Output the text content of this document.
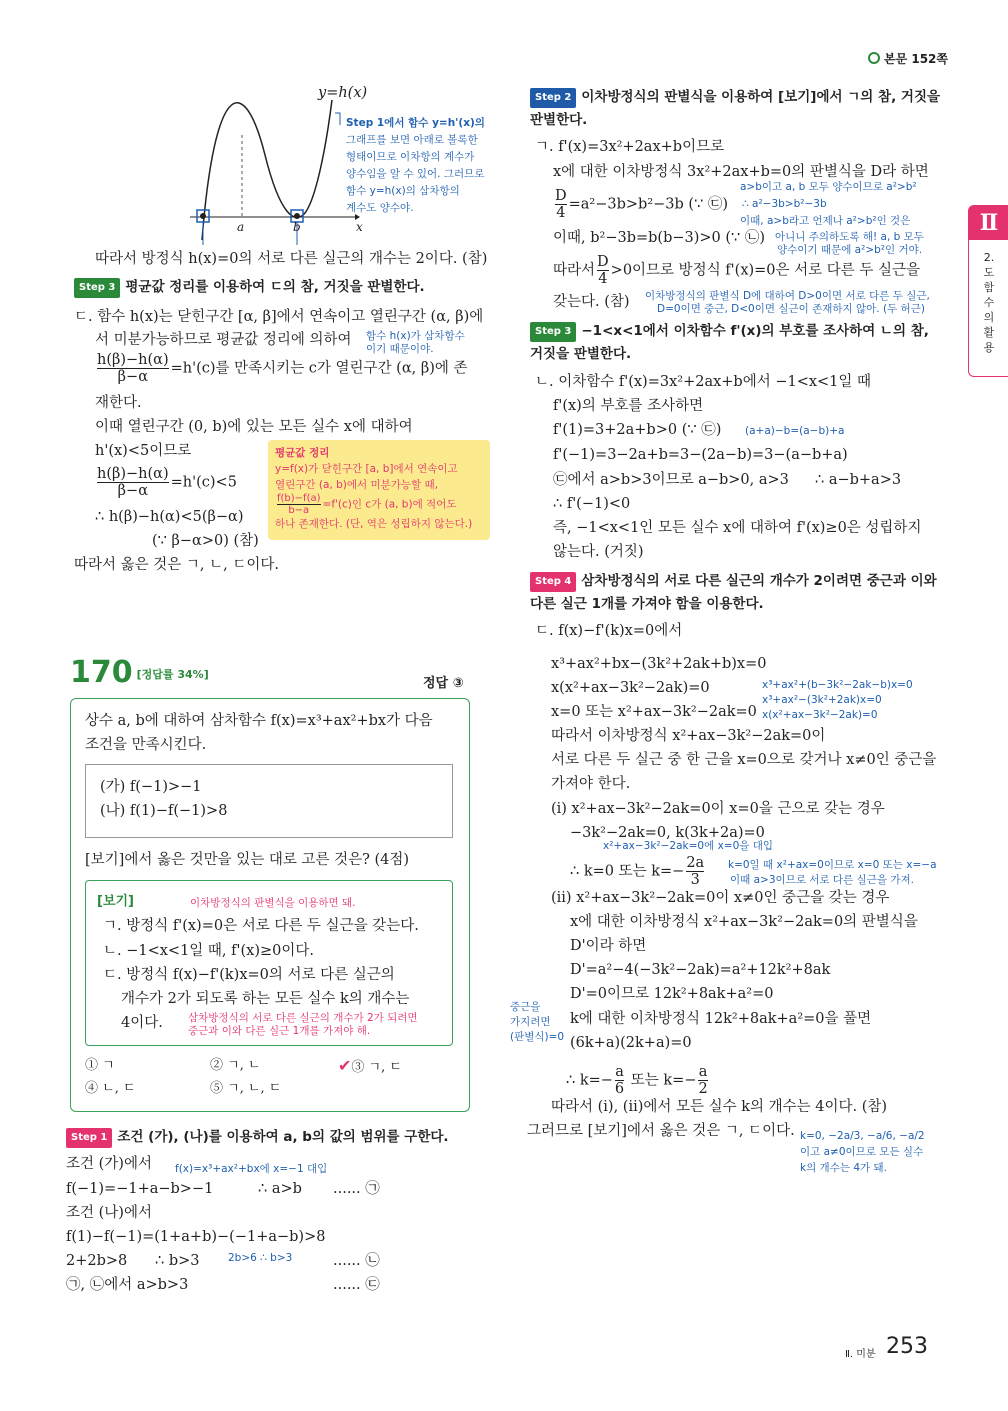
본문 152쪽
y=h(x)
a	b	x
Step 1에서 함수 y=h'(x)의
그래프를 보면 아래로 볼록한
형태이므로 이차항의 계수가
양수임을 알 수 있어. 그러므로
함수 y=h(x)의 삼차항의
계수도 양수야.
따라서 방정식 h(x)=0의 서로 다른 실근의 개수는 2이다. (참)
Step 3 평균값 정리를 이용하여 ㄷ의 참, 거짓을 판별한다.
ㄷ. 함수 h(x)는 닫힌구간 [α, β]에서 연속이고 열린구간 (α, β)에
서 미분가능하므로 평균값 정리에 의하여 함수 h(x)가 삼차함수
이기 때문이야.
$\frac{h(\beta)-h(\alpha)}{\beta-\alpha} =h'(c)$를 만족시키는 c가 열린구간 (α, β)에 존
재한다.
이때 열린구간 (0, b)에 있는 모든 실수 x에 대하여
h'(x)<5이므로
$\frac{h(\beta)-h(\alpha)}{\beta-\alpha} =h'(c)<5$
∴ h(β)−h(α)<5(β−α)
(∵ β−α>0) (참)
따라서 옳은 것은 ㄱ, ㄴ, ㄷ이다.
평균값 정리
y=f(x)가 닫힌구간 [a, b]에서 연속이고
열린구간 (a, b)에서 미분가능할 때,
$\frac{f(b)-f(a)}{b-a} =f'(c)$인 c가 (a, b)에 적어도
하나 존재한다. (단, 역은 성립하지 않는다.)
170 [정답률 34%]
정답 ③
상수 a, b에 대하여 삼차함수 f(x)=x³+ax²+bx가 다음
조건을 만족시킨다.
(가) f(−1)>−1
(나) f(1)−f(−1)>8
[보기]에서 옳은 것만을 있는 대로 고른 것은? (4점)
[보기]	이차방정식의 판별식을 이용하면 돼.
ㄱ. 방정식 f'(x)=0은 서로 다른 두 실근을 갖는다.
ㄴ. −1<x<1일 때, f'(x)≥0이다.
ㄷ. 방정식 f(x)−f'(k)x=0의 서로 다른 실근의
개수가 2가 되도록 하는 모든 실수 k의 개수는
4이다. 삼차방정식의 서로 다른 실근의 개수가 2가 되려면
중근과 이와 다른 실근 1개를 가져야 해.
① ㄱ	② ㄱ, ㄴ	✔③ ㄱ, ㄷ
④ ㄴ, ㄷ	⑤ ㄱ, ㄴ, ㄷ
Step 1 조건 (가), (나)를 이용하여 a, b의 값의 범위를 구한다.
조건 (가)에서 f(x)=x³+ax²+bx에 x=−1 대입
f(−1)=−1+a−b>−1	∴ a>b ...... ㉠
조건 (나)에서
f(1)−f(−1)=(1+a+b)−(−1+a−b)>8
2+2b>8 ∴ b>3	2b>6 ∴ b>3	...... ㉡
㉠, ㉡에서 a>b>3	...... ㉢
Step 2 이차방정식의 판별식을 이용하여 [보기]에서 ㄱ의 참, 거짓을
판별한다.
ㄱ. f'(x)=3x²+2ax+b이므로
x에 대한 이차방정식 3x²+2ax+b=0의 판별식을 D라 하면
a>b이고 a, b 모두 양수이므로 a²>b²
$\frac{D}{4} =a^2-3b>b^2-3b$ (∵ ㉢) ∴ a²−3b>b²−3b
이때, a>b라고 언제나 a²>b²인 것은
이때, b²−3b=b(b−3)>0 (∵ ㉡) 아니니 주의하도록 해! a, b 모두
양수이기 때문에 a²>b²인 거야.
따라서 $\frac{D}{4} >0$이므로 방정식 f'(x)=0은 서로 다른 두 실근을
갖는다. (참) 이차방정식의 판별식 D에 대하여 D>0이면 서로 다른 두 실근,
D=0이면 중근, D<0이면 실근이 존재하지 않아. (두 허근)
Step 3 −1<x<1에서 이차함수 f'(x)의 부호를 조사하여 ㄴ의 참,
거짓을 판별한다.
ㄴ. 이차함수 f'(x)=3x²+2ax+b에서 −1<x<1일 때
f'(x)의 부호를 조사하면
f'(1)=3+2a+b>0 (∵ ㉢) (a+a)−b=(a−b)+a
f'(−1)=3−2a+b=3−(2a−b)=3−(a−b+a)
㉢에서 a>b>3이므로 a−b>0, a>3 ∴ a−b+a>3
∴ f'(−1)<0
즉, −1<x<1인 모든 실수 x에 대하여 f'(x)≥0은 성립하지
않는다. (거짓)
Step 4 삼차방정식의 서로 다른 실근의 개수가 2이려면 중근과 이와
다른 실근 1개를 가져야 함을 이용한다.
ㄷ. f(x)−f'(k)x=0에서
x³+ax²+bx−(3k²+2ak+b)x=0
x(x²+ax−3k²−2ak)=0	x³+ax²+(b−3k²−2ak−b)x=0
x³+ax²−(3k²+2ak)x=0
x(x²+ax−3k²−2ak)=0
x=0 또는 x²+ax−3k²−2ak=0
따라서 이차방정식 x²+ax−3k²−2ak=0이
서로 다른 두 실근 중 한 근을 x=0으로 갖거나 x≠0인 중근을
가져야 한다.
(i) x²+ax−3k²−2ak=0이 x=0을 근으로 갖는 경우
−3k²−2ak=0, k(3k+2a)=0
x²+ax−3k²−2ak=0에 x=0을 대입
∴ k=0 또는 $k=- \frac{2a}{3} k=0$일 때 x²+ax=0이므로 x=0 또는 x=−a
이때 a>3이므로 서로 다른 실근을 가져.
(ii) x²+ax−3k²−2ak=0이 x≠0인 중근을 갖는 경우
x에 대한 이차방정식 x²+ax−3k²−2ak=0의 판별식을
D'이라 하면
D'=a²−4(−3k²−2ak)=a²+12k²+8ak
D'=0이므로 12k²+8ak+a²=0
중근을
가지려면
(판별식)=0
k에 대한 이차방정식 12k²+8ak+a²=0을 풀면
(6k+a)(2k+a)=0
∴ $k=- \frac{a}{6}$ 또는 $k=- \frac{a}{2}$
따라서 (i), (ii)에서 모든 실수 k의 개수는 4이다. (참)
그러므로 [보기]에서 옳은 것은 ㄱ, ㄷ이다. k=0, −2a/3, −a/6, −a/2
이고 a≠0이므로 모든 실수
k의 개수는 4가 돼.
Ⅱ
2.
도
함
수
의
활
용
Ⅱ. 미분 253
